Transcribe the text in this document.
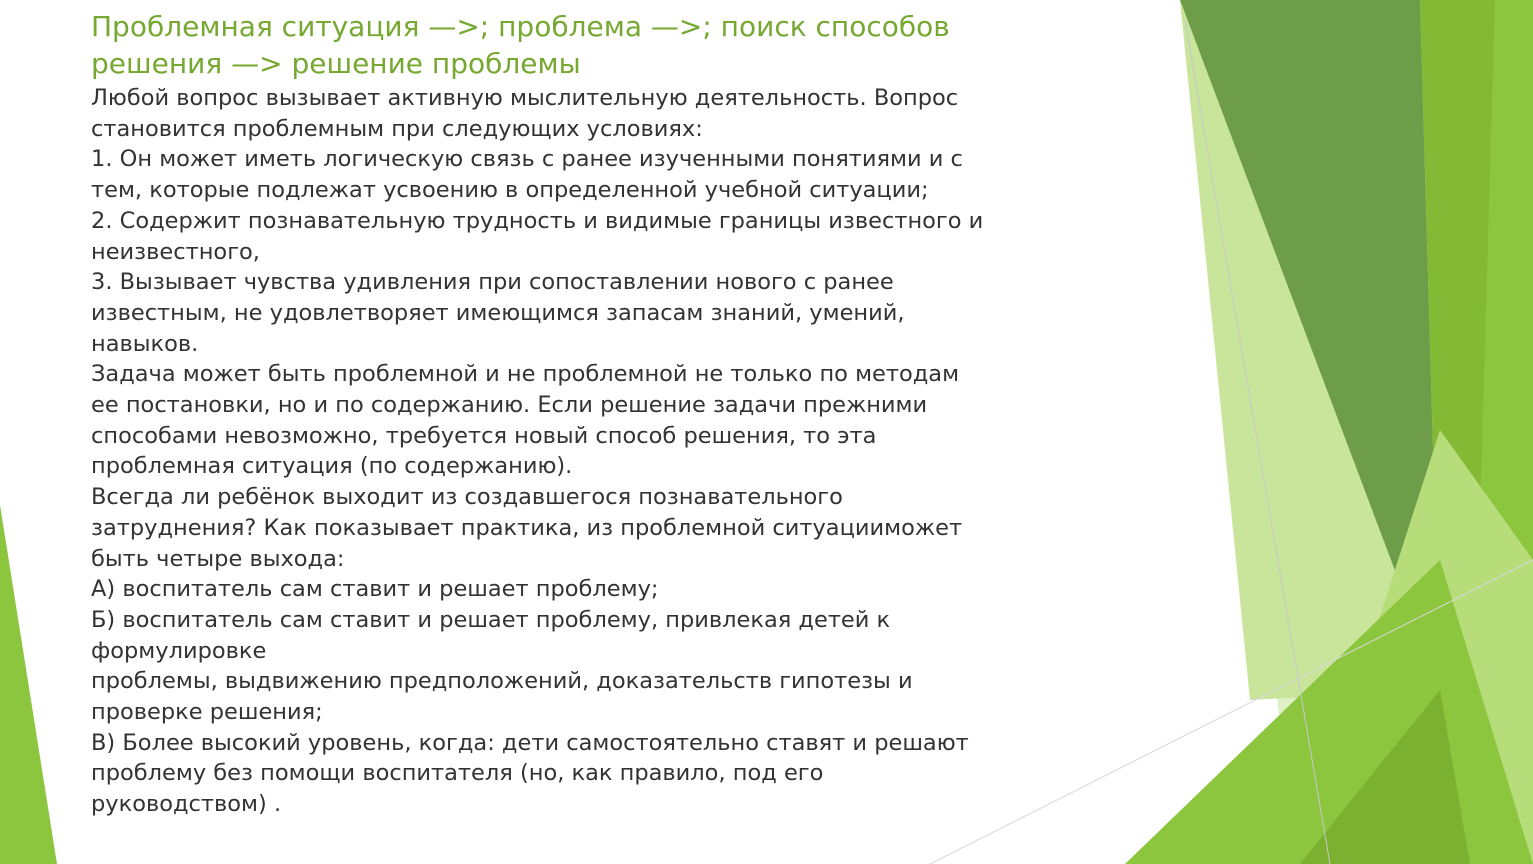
Проблемная ситуация —>; проблема —>; поиск способов
решения —> решение проблемы
Любой вопрос вызывает активную мыслительную деятельность. Вопрос
становится проблемным при следующих условиях:
1. Он может иметь логическую связь с ранее изученными понятиями и с
тем, которые подлежат усвоению в определенной учебной ситуации;
2. Содержит познавательную трудность и видимые границы известного и
неизвестного,
3. Вызывает чувства удивления при сопоставлении нового с ранее
известным, не удовлетворяет имеющимся запасам знаний, умений,
навыков.
Задача может быть проблемной и не проблемной не только по методам
ее постановки, но и по содержанию. Если решение задачи прежними
способами невозможно, требуется новый способ решения, то эта
проблемная ситуация (по содержанию).
Всегда ли ребёнок выходит из создавшегося познавательного
затруднения? Как показывает практика, из проблемной ситуацииможет
быть четыре выхода:
А) воспитатель сам ставит и решает проблему;
Б) воспитатель сам ставит и решает проблему, привлекая детей к
формулировке
проблемы, выдвижению предположений, доказательств гипотезы и
проверке решения;
В) Более высокий уровень, когда: дети самостоятельно ставят и решают
проблему без помощи воспитателя (но, как правило, под его
руководством) .
